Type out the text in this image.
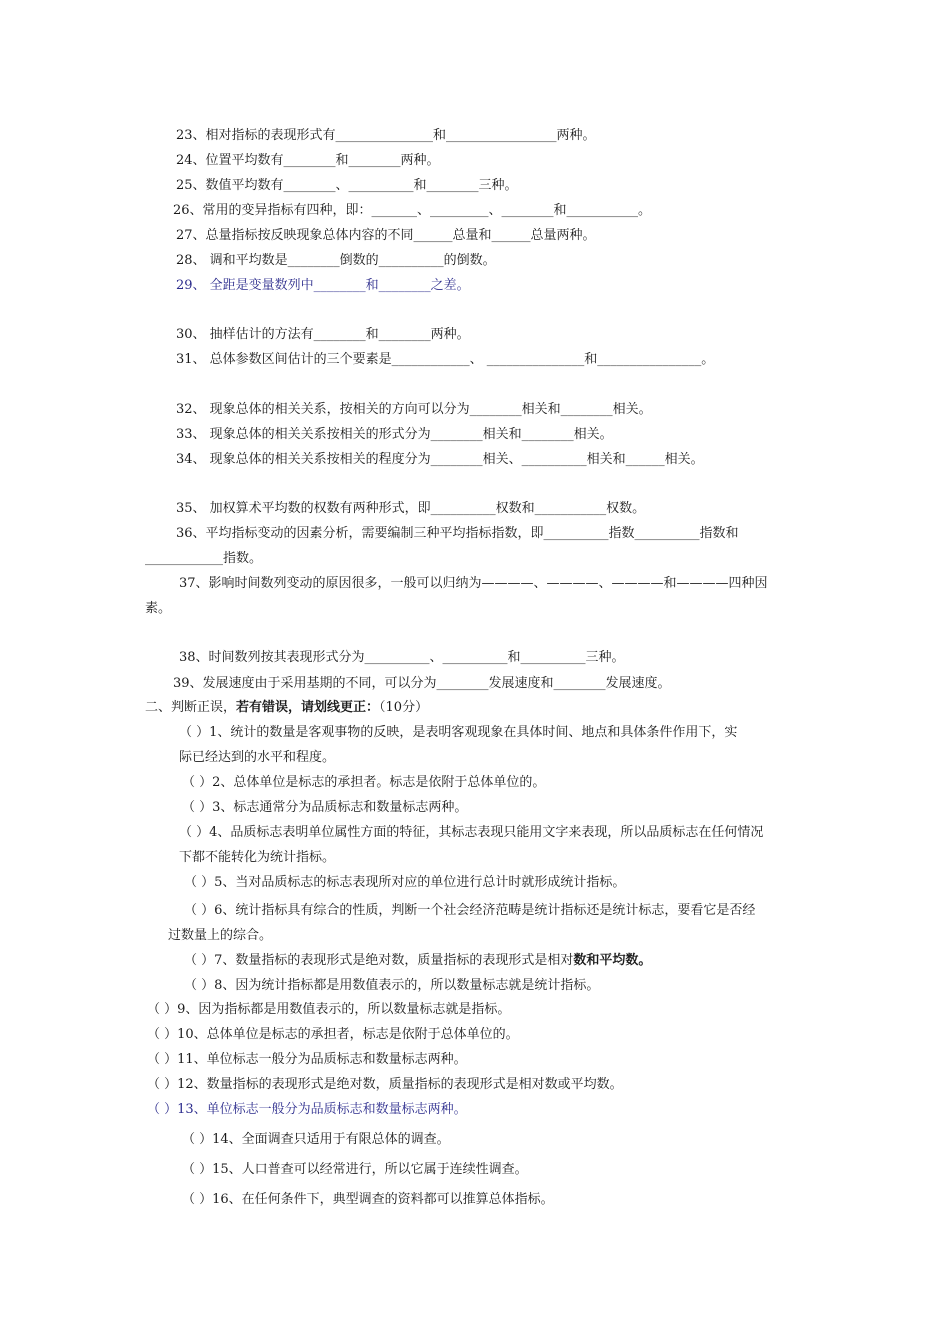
23、相对指标的表现形式有_______________和_________________两种。
24、位置平均数有________和________两种。
25、数值平均数有________、__________和________三种。
26、常用的变异指标有四种，即：_______、_________、________和___________。
27、总量指标按反映现象总体内容的不同______总量和______总量两种。
28、 调和平均数是________倒数的__________的倒数。
29、 全距是变量数列中________和________之差。
30、 抽样估计的方法有________和________两种。
31、 总体参数区间估计的三个要素是____________、 _______________和________________。
32、 现象总体的相关关系，按相关的方向可以分为________相关和________相关。
33、 现象总体的相关关系按相关的形式分为________相关和________相关。
34、 现象总体的相关关系按相关的程度分为________相关、__________相关和______相关。
35、 加权算术平均数的权数有两种形式，即__________权数和___________权数。
36、平均指标变动的因素分析，需要编制三种平均指标指数，即__________指数__________指数和
____________指数。
37、影响时间数列变动的原因很多，一般可以归纳为————、————、————和————四种因
素。
38、时间数列按其表现形式分为__________、__________和__________三种。
39、发展速度由于采用基期的不同，可以分为________发展速度和________发展速度。
二、判断正误，若有错误，请划线更正：（10分）
（ ）1、统计的数量是客观事物的反映，是表明客观现象在具体时间、地点和具体条件作用下，实
际已经达到的水平和程度。
（ ）2、总体单位是标志的承担者。标志是依附于总体单位的。
（ ）3、标志通常分为品质标志和数量标志两种。
（ ）4、品质标志表明单位属性方面的特征，其标志表现只能用文字来表现，所以品质标志在任何情况
下都不能转化为统计指标。
（ ）5、当对品质标志的标志表现所对应的单位进行总计时就形成统计指标。
（ ）6、统计指标具有综合的性质，判断一个社会经济范畴是统计指标还是统计标志，要看它是否经
过数量上的综合。
（ ）7、数量指标的表现形式是绝对数，质量指标的表现形式是相对数和平均数。
（ ）8、因为统计指标都是用数值表示的，所以数量标志就是统计指标。
（ ）9、因为指标都是用数值表示的，所以数量标志就是指标。
（ ）10、总体单位是标志的承担者，标志是依附于总体单位的。
（ ）11、单位标志一般分为品质标志和数量标志两种。
（ ）12、数量指标的表现形式是绝对数，质量指标的表现形式是相对数或平均数。
（ ）13、单位标志一般分为品质标志和数量标志两种。
（ ）14、全面调查只适用于有限总体的调查。
（ ）15、人口普查可以经常进行，所以它属于连续性调查。
（ ）16、在任何条件下，典型调查的资料都可以推算总体指标。
